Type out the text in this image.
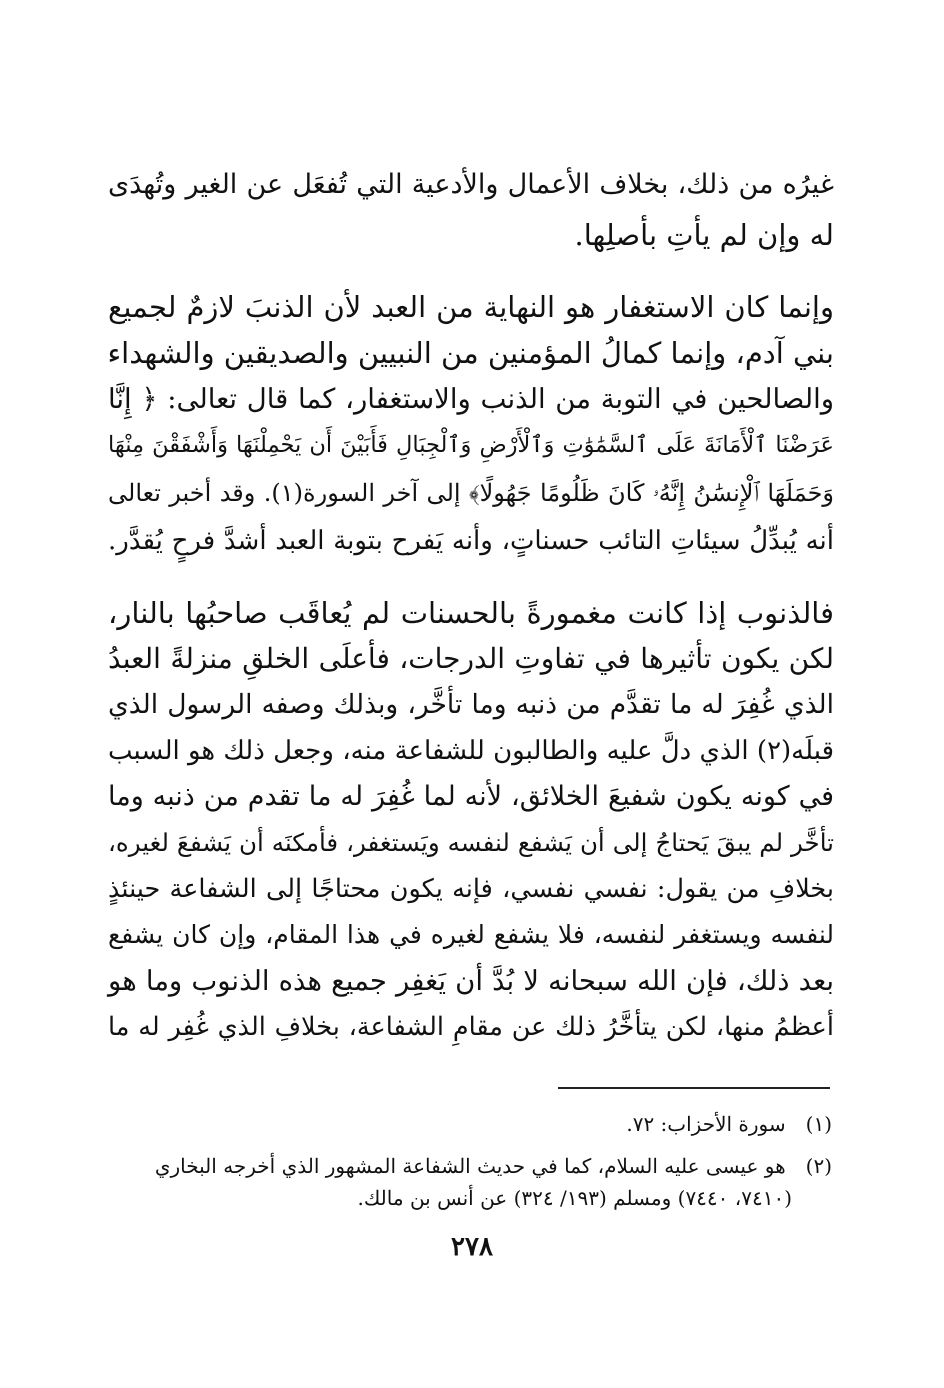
غيرُه من ذلك، بخلاف الأعمال والأدعية التي تُفعَل عن الغير وتُهدَى
له وإن لم يأتِ بأصلِها.
وإنما كان الاستغفار هو النهاية من العبد لأن الذنبَ لازمٌ لجميع
بني آدم، وإنما كمالُ المؤمنين من النبيين والصديقين والشهداء
والصالحين في التوبة من الذنب والاستغفار، كما قال تعالى: ﴿ إِنَّا
عَرَضْنَا ٱلْأَمَانَةَ عَلَى ٱلسَّمَٰوَٰتِ وَٱلْأَرْضِ وَٱلْجِبَالِ فَأَبَيْنَ أَن يَحْمِلْنَهَا وَأَشْفَقْنَ مِنْهَا
وَحَمَلَهَا ٱلْإِنسَٰنُ إِنَّهُۥ كَانَ ظَلُومًا جَهُولًا﴾ إلى آخر السورة(١). وقد أخبر تعالى
أنه يُبدِّلُ سيئاتِ التائب حسناتٍ، وأنه يَفرح بتوبة العبد أشدَّ فرحٍ يُقدَّر.
فالذنوب إذا كانت مغمورةً بالحسنات لم يُعاقَب صاحبُها بالنار،
لكن يكون تأثيرها في تفاوتِ الدرجات، فأعلَى الخلقِ منزلةً العبدُ
الذي غُفِرَ له ما تقدَّم من ذنبه وما تأخَّر، وبذلك وصفه الرسول الذي
قبلَه(٢) الذي دلَّ عليه والطالبون للشفاعة منه، وجعل ذلك هو السبب
في كونه يكون شفيعَ الخلائق، لأنه لما غُفِرَ له ما تقدم من ذنبه وما
تأخَّر لم يبقَ يَحتاجُ إلى أن يَشفع لنفسه ويَستغفر، فأمكنَه أن يَشفعَ لغيره،
بخلافِ من يقول: نفسي نفسي، فإنه يكون محتاجًا إلى الشفاعة حينئذٍ
لنفسه ويستغفر لنفسه، فلا يشفع لغيره في هذا المقام، وإن كان يشفع
بعد ذلك، فإن الله سبحانه لا بُدَّ أن يَغفِر جميع هذه الذنوب وما هو
أعظمُ منها، لكن يتأخَّرُ ذلك عن مقامِ الشفاعة، بخلافِ الذي غُفِر له ما
(١) سورة الأحزاب: ٧٢.
(٢) هو عيسى عليه السلام، كما في حديث الشفاعة المشهور الذي أخرجه البخاري
(٧٤١٠، ٧٤٤٠) ومسلم (١٩٣/ ٣٢٤) عن أنس بن مالك.
٢٧٨
